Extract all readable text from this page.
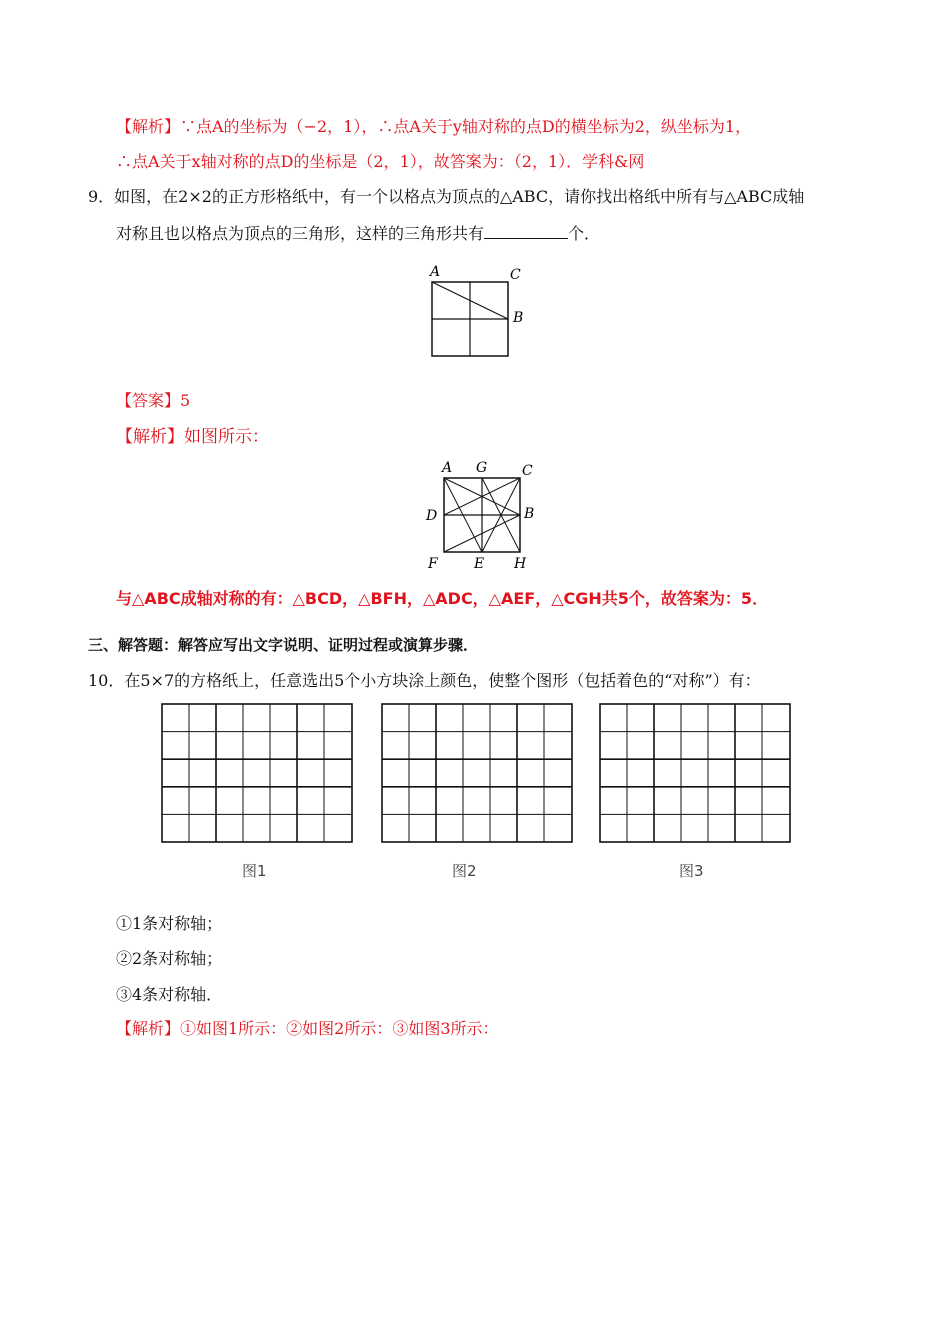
【解析】∵点A的坐标为（−2，1），∴点A关于y轴对称的点D的横坐标为2，纵坐标为1，
∴点A关于x轴对称的点D的坐标是（2，1），故答案为：（2，1）．学科&网
9．如图，在2×2的正方形格纸中，有一个以格点为顶点的△ABC，请你找出格纸中所有与△ABC成轴
对称且也以格点为顶点的三角形，这样的三角形共有	个．
A	C
B
【答案】5
【解析】如图所示：
A G C
D	B
F	E H
与△ABC成轴对称的有：△BCD，△BFH，△ADC，△AEF，△CGH共5个，故答案为：5．
三、解答题：解答应写出文字说明、证明过程或演算步骤．
10．在5×7的方格纸上，任意选出5个小方块涂上颜色，使整个图形（包括着色的“对称”）有：
图1	图2	图3
①1条对称轴；
②2条对称轴；
③4条对称轴．
【解析】①如图1所示：②如图2所示：③如图3所示：
